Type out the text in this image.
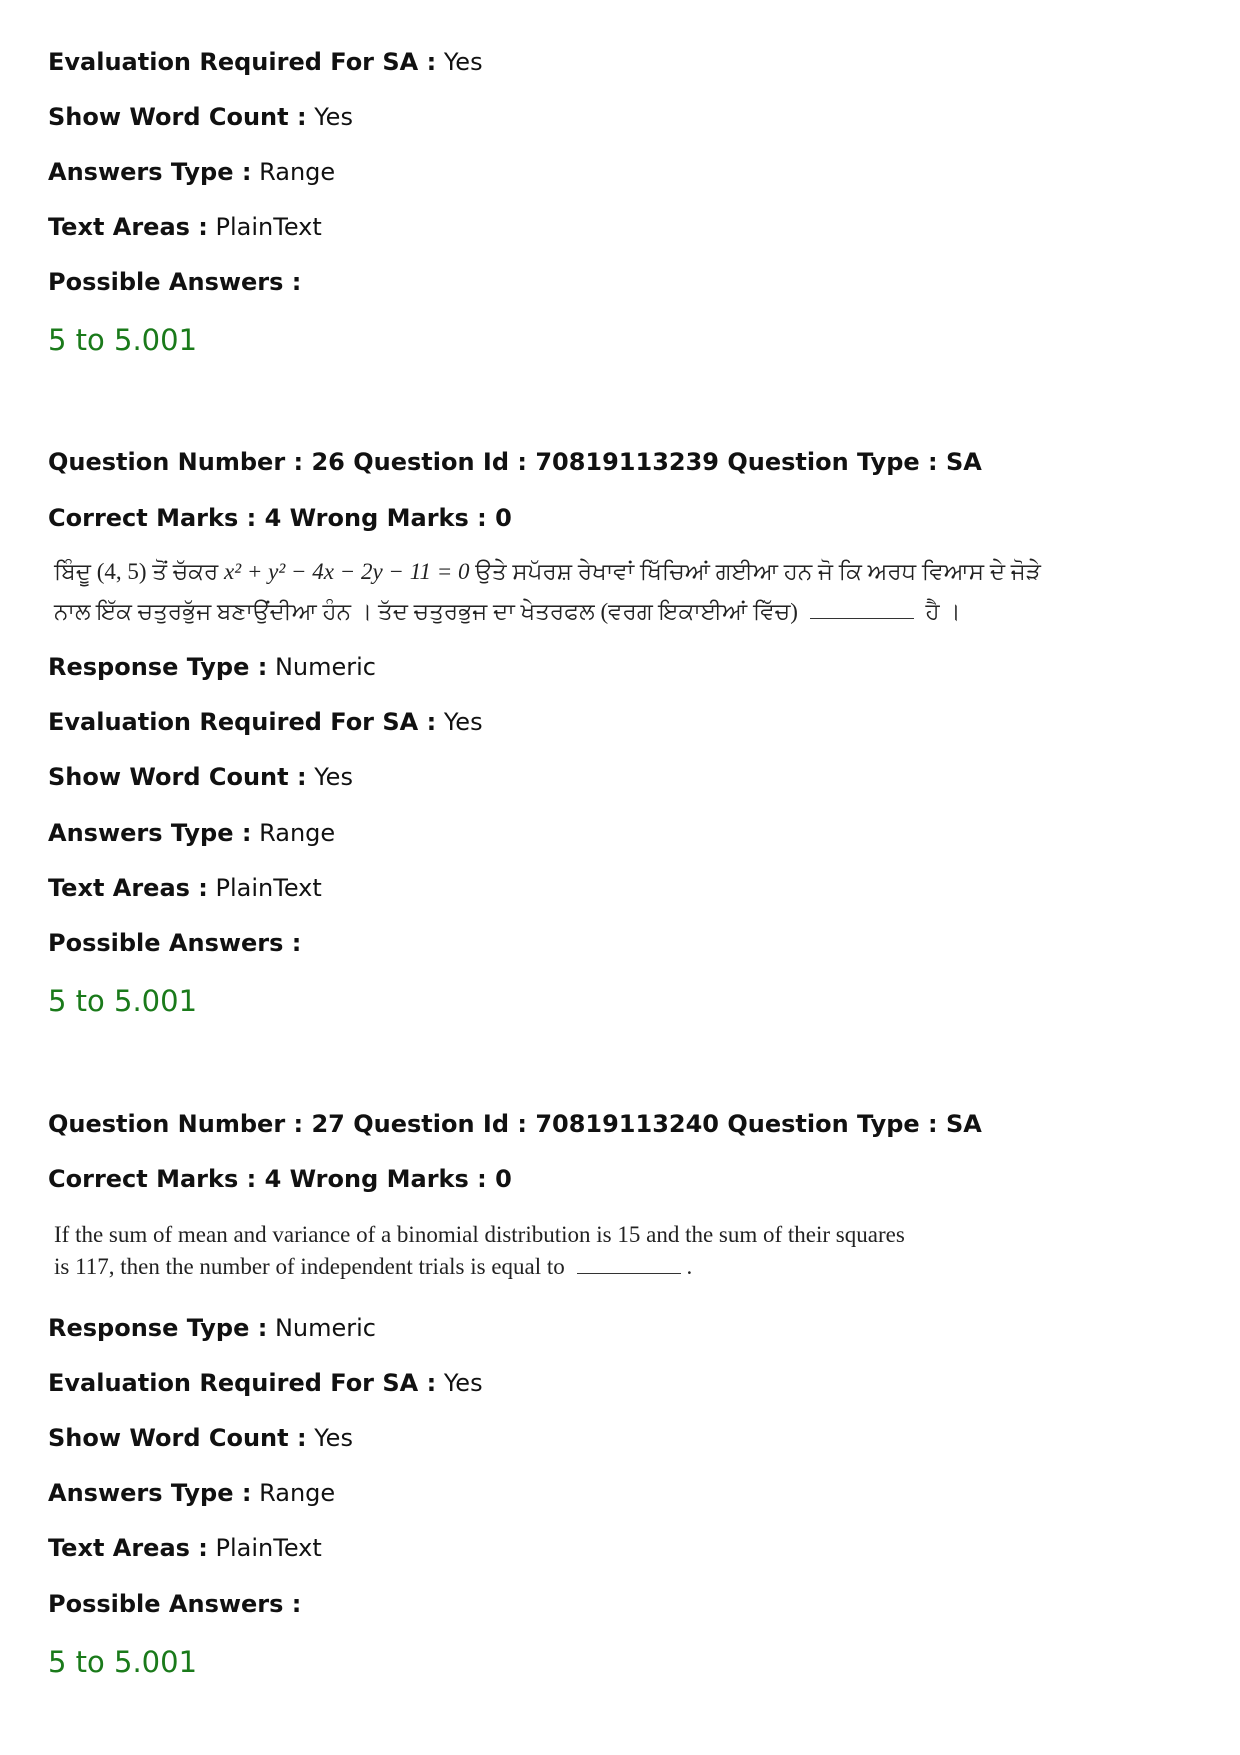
Evaluation Required For SA : Yes
Show Word Count : Yes
Answers Type : Range
Text Areas : PlainText
Possible Answers :
5 to 5.001
Question Number : 26 Question Id : 70819113239 Question Type : SA
Correct Marks : 4 Wrong Marks : 0
ਬਿੰਦੂ (4, 5) ਤੋਂ ਚੱਕਰ x² + y² − 4x − 2y − 11 = 0 ਉਤੇ ਸਪੱਰਸ਼ ਰੇਖਾਵਾਂ ਖਿੱਚਿਆਂ ਗਈਆ ਹਨ ਜੋ ਕਿ ਅਰਧ ਵਿਆਸ ਦੇ ਜੋੜੇ
ਨਾਲ ਇੱਕ ਚਤੁਰਭੁੱਜ ਬਣਾਉਂਦੀਆ ਹੰਨ । ਤੱਦ ਚਤੁਰਭੁਜ ਦਾ ਖੇਤਰਫਲ (ਵਰਗ ਇਕਾਈਆਂ ਵਿੱਚ)	ਹੈ ।
Response Type : Numeric
Evaluation Required For SA : Yes
Show Word Count : Yes
Answers Type : Range
Text Areas : PlainText
Possible Answers :
5 to 5.001
Question Number : 27 Question Id : 70819113240 Question Type : SA
Correct Marks : 4 Wrong Marks : 0
If the sum of mean and variance of a binomial distribution is 15 and the sum of their squares
is 117, then the number of independent trials is equal to	.
Response Type : Numeric
Evaluation Required For SA : Yes
Show Word Count : Yes
Answers Type : Range
Text Areas : PlainText
Possible Answers :
5 to 5.001
